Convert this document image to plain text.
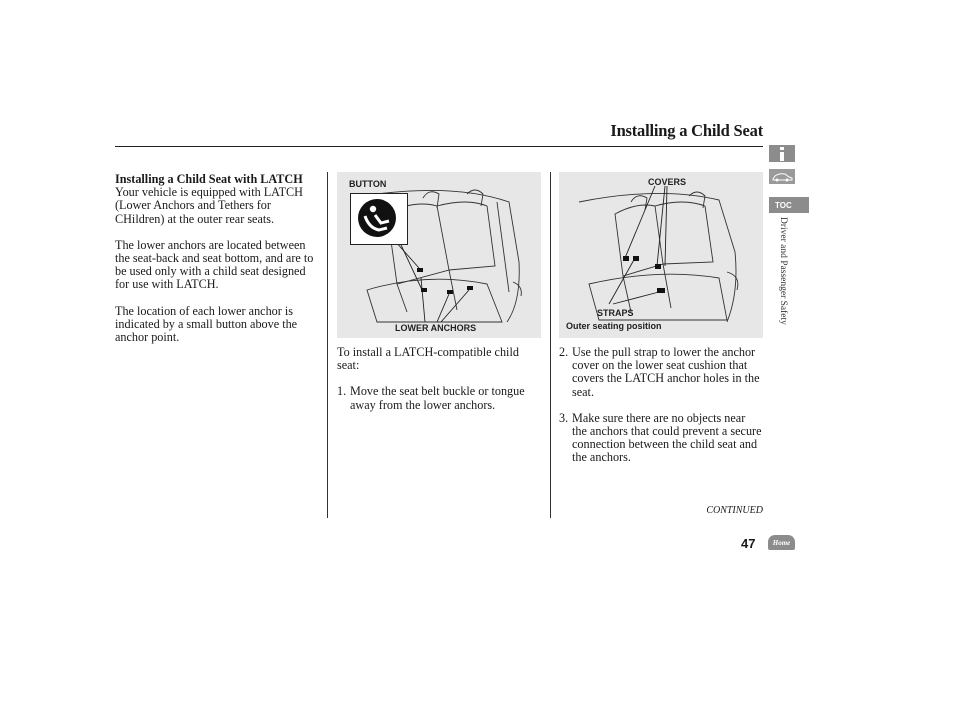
Installing a Child Seat

Installing a Child Seat with LATCH

Your vehicle is equipped with LATCH (Lower Anchors and Tethers for CHildren) at the outer rear seats.

The lower anchors are located between the seat-back and seat bottom, and are to be used only with a child seat designed for use with LATCH.

The location of each lower anchor is indicated by a small button above the anchor point.

BUTTON
LOWER ANCHORS
COVERS
STRAPS
Outer seating position

To install a LATCH-compatible child seat:

1. Move the seat belt buckle or tongue away from the lower anchors.
2. Use the pull strap to lower the anchor cover on the lower seat cushion that covers the LATCH anchor holes in the seat.
3. Make sure there are no objects near the anchors that could prevent a secure connection between the child seat and the anchors.
CONTINUED
47
TOC
Driver and Passenger Safety
Home
